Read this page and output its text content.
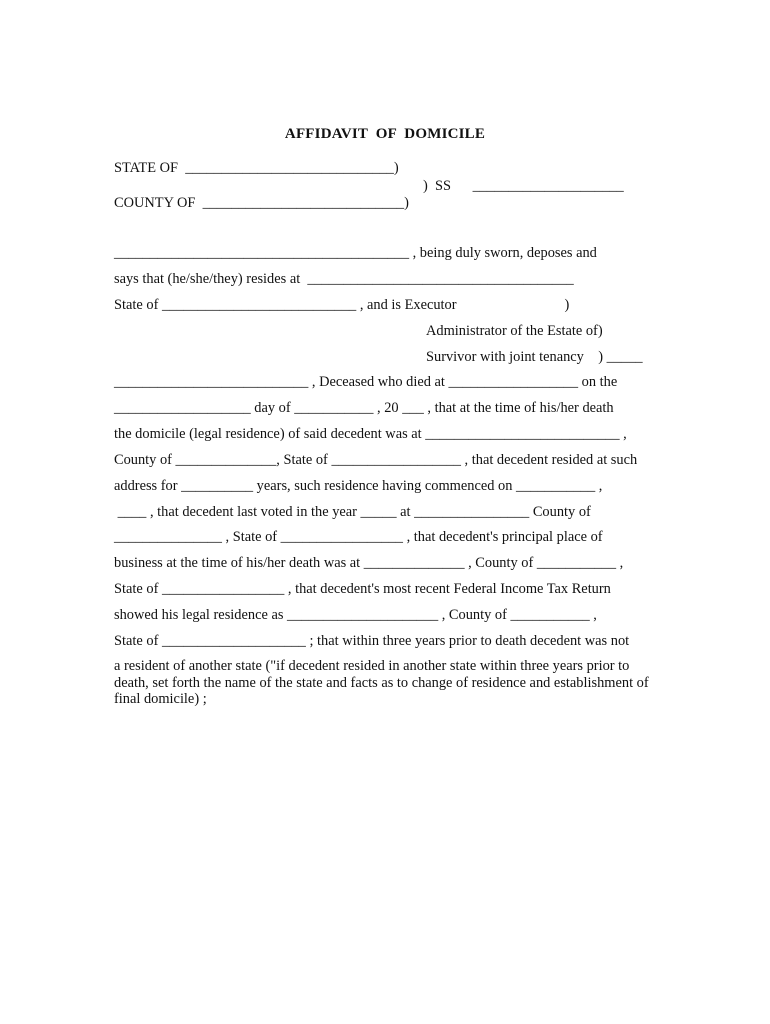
AFFIDAVIT  OF  DOMICILE
STATE OF  _____________________________)
)  SS      _____________________
COUNTY OF  ____________________________)
_________________________________________ , being duly sworn, deposes and
says that (he/she/they) resides at  _____________________________________
State of ___________________________ , and is Executor                              )
Administrator of the Estate of)
Survivor with joint tenancy    ) _____
___________________________ , Deceased who died at __________________ on the
___________________ day of ___________ , 20 ___ , that at the time of his/her death
the domicile (legal residence) of said decedent was at ___________________________ ,
County of ______________, State of __________________ , that decedent resided at such
address for __________ years, such residence having commenced on ___________ ,
____ , that decedent last voted in the year _____ at ________________ County of
_______________ , State of _________________ , that decedent's principal place of
business at the time of his/her death was at ______________ , County of ___________ ,
State of _________________ , that decedent's most recent Federal Income Tax Return
showed his legal residence as _____________________ , County of ___________ ,
State of ____________________ ; that within three years prior to death decedent was not
a resident of another state ("if decedent resided in another state within three years prior to death, set forth the name of the state and facts as to change of residence and establishment of final domicile) ;
